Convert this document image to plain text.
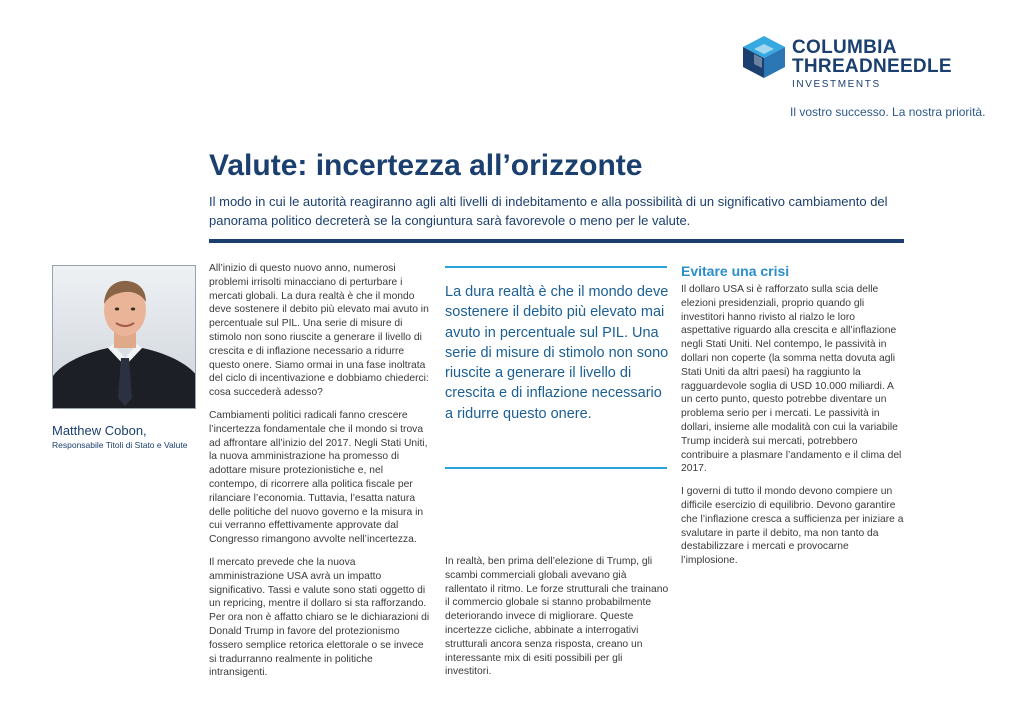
COLUMBIA
THREADNEEDLE
INVESTMENTS
Il vostro successo. La nostra priorità.
Valute: incertezza all’orizzonte

Il modo in cui le autorità reagiranno agli alti livelli di indebitamento e alla possibilità di un significativo cambiamento del panorama politico decreterà se la congiuntura sarà favorevole o meno per le valute.

Matthew Cobon,
Responsabile Titoli di Stato e Valute

All’inizio di questo nuovo anno, numerosi problemi irrisolti minacciano di perturbare i mercati globali. La dura realtà è che il mondo deve sostenere il debito più elevato mai avuto in percentuale sul PIL. Una serie di misure di stimolo non sono riuscite a generare il livello di crescita e di inflazione necessario a ridurre questo onere. Siamo ormai in una fase inoltrata del ciclo di incentivazione e dobbiamo chiederci: cosa succederà adesso?

Cambiamenti politici radicali fanno crescere l’incertezza fondamentale che il mondo si trova ad affrontare all’inizio del 2017. Negli Stati Uniti, la nuova amministrazione ha promesso di adottare misure protezionistiche e, nel contempo, di ricorrere alla politica fiscale per rilanciare l’economia. Tuttavia, l’esatta natura delle politiche del nuovo governo e la misura in cui verranno effettivamente approvate dal Congresso rimangono avvolte nell’incertezza.

Il mercato prevede che la nuova amministrazione USA avrà un impatto significativo. Tassi e valute sono stati oggetto di un repricing, mentre il dollaro si sta rafforzando. Per ora non è affatto chiaro se le dichiarazioni di Donald Trump in favore del protezionismo fossero semplice retorica elettorale o se invece si tradurranno realmente in politiche intransigenti.

La dura realtà è che il mondo deve sostenere il debito più elevato mai avuto in percentuale sul PIL. Una serie di misure di stimolo non sono riuscite a generare il livello di crescita e di inflazione necessario a ridurre questo onere.

In realtà, ben prima dell’elezione di Trump, gli scambi commerciali globali avevano già rallentato il ritmo. Le forze strutturali che trainano il commercio globale si stanno probabilmente deteriorando invece di migliorare. Queste incertezze cicliche, abbinate a interrogativi strutturali ancora senza risposta, creano un interessante mix di esiti possibili per gli investitori.

Evitare una crisi

Il dollaro USA si è rafforzato sulla scia delle elezioni presidenziali, proprio quando gli investitori hanno rivisto al rialzo le loro aspettative riguardo alla crescita e all’inflazione negli Stati Uniti. Nel contempo, le passività in dollari non coperte (la somma netta dovuta agli Stati Uniti da altri paesi) ha raggiunto la ragguardevole soglia di USD 10.000 miliardi. A un certo punto, questo potrebbe diventare un problema serio per i mercati. Le passività in dollari, insieme alle modalità con cui la variabile Trump inciderà sui mercati, potrebbero contribuire a plasmare l’andamento e il clima del 2017.

I governi di tutto il mondo devono compiere un difficile esercizio di equilibrio. Devono garantire che l’inflazione cresca a sufficienza per iniziare a svalutare in parte il debito, ma non tanto da destabilizzare i mercati e provocarne l’implosione.
